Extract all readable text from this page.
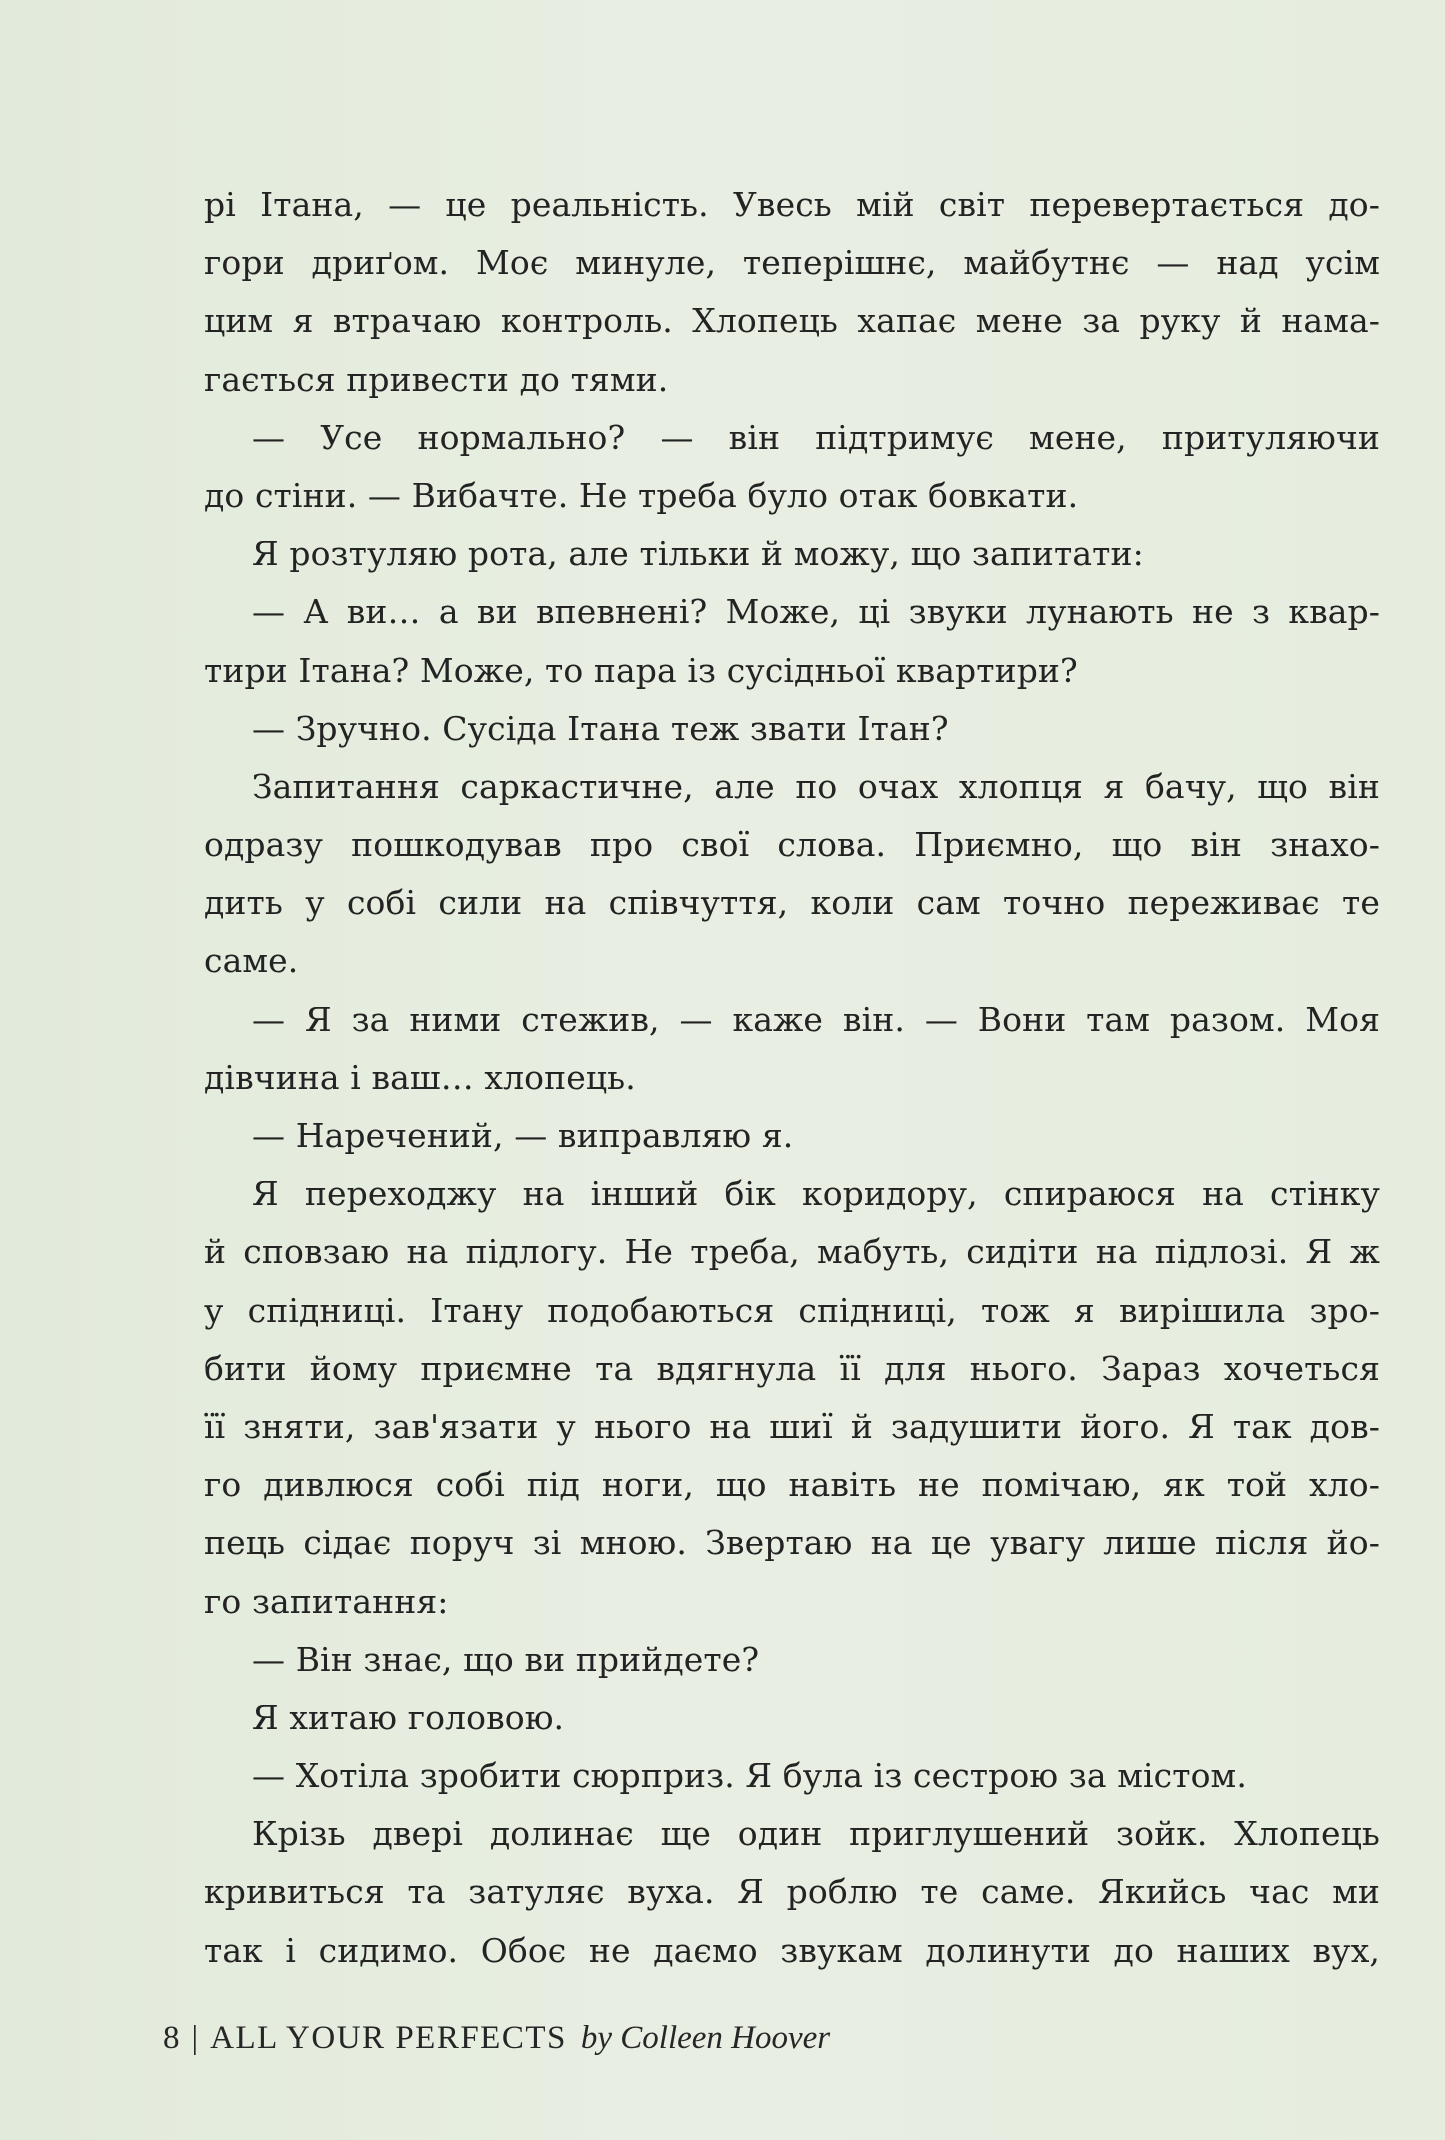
рі Ітана, — це реальність. Увесь мій світ перевертається до-
гори дриґом. Моє минуле, теперішнє, майбутнє — над усім
цим я втрачаю контроль. Хлопець хапає мене за руку й нама-
гається привести до тями.
— Усе нормально? — він підтримує мене, притуляючи
до стіни. — Вибачте. Не треба було отак бовкати.
Я розтуляю рота, але тільки й можу, що запитати:
— А ви… а ви впевнені? Може, ці звуки лунають не з квар-
тири Ітана? Може, то пара із сусідньої квартири?
— Зручно. Сусіда Ітана теж звати Ітан?
Запитання саркастичне, але по очах хлопця я бачу, що він
одразу пошкодував про свої слова. Приємно, що він знахо-
дить у собі сили на співчуття, коли сам точно переживає те
саме.
— Я за ними стежив, — каже він. — Вони там разом. Моя
дівчина і ваш… хлопець.
— Наречений, — виправляю я.
Я переходжу на інший бік коридору, спираюся на стінку
й сповзаю на підлогу. Не треба, мабуть, сидіти на підлозі. Я ж
у спідниці. Ітану подобаються спідниці, тож я вирішила зро-
бити йому приємне та вдягнула її для нього. Зараз хочеться
її зняти, зав'язати у нього на шиї й задушити його. Я так дов-
го дивлюся собі під ноги, що навіть не помічаю, як той хло-
пець сідає поруч зі мною. Звертаю на це увагу лише після йо-
го запитання:
— Він знає, що ви прийдете?
Я хитаю головою.
— Хотіла зробити сюрприз. Я була із сестрою за містом.
Крізь двері долинає ще один приглушений зойк. Хлопець
кривиться та затуляє вуха. Я роблю те саме. Якийсь час ми
так і сидимо. Обоє не даємо звукам долинути до наших вух,
8 | ALL YOUR PERFECTS by Colleen Hoover
